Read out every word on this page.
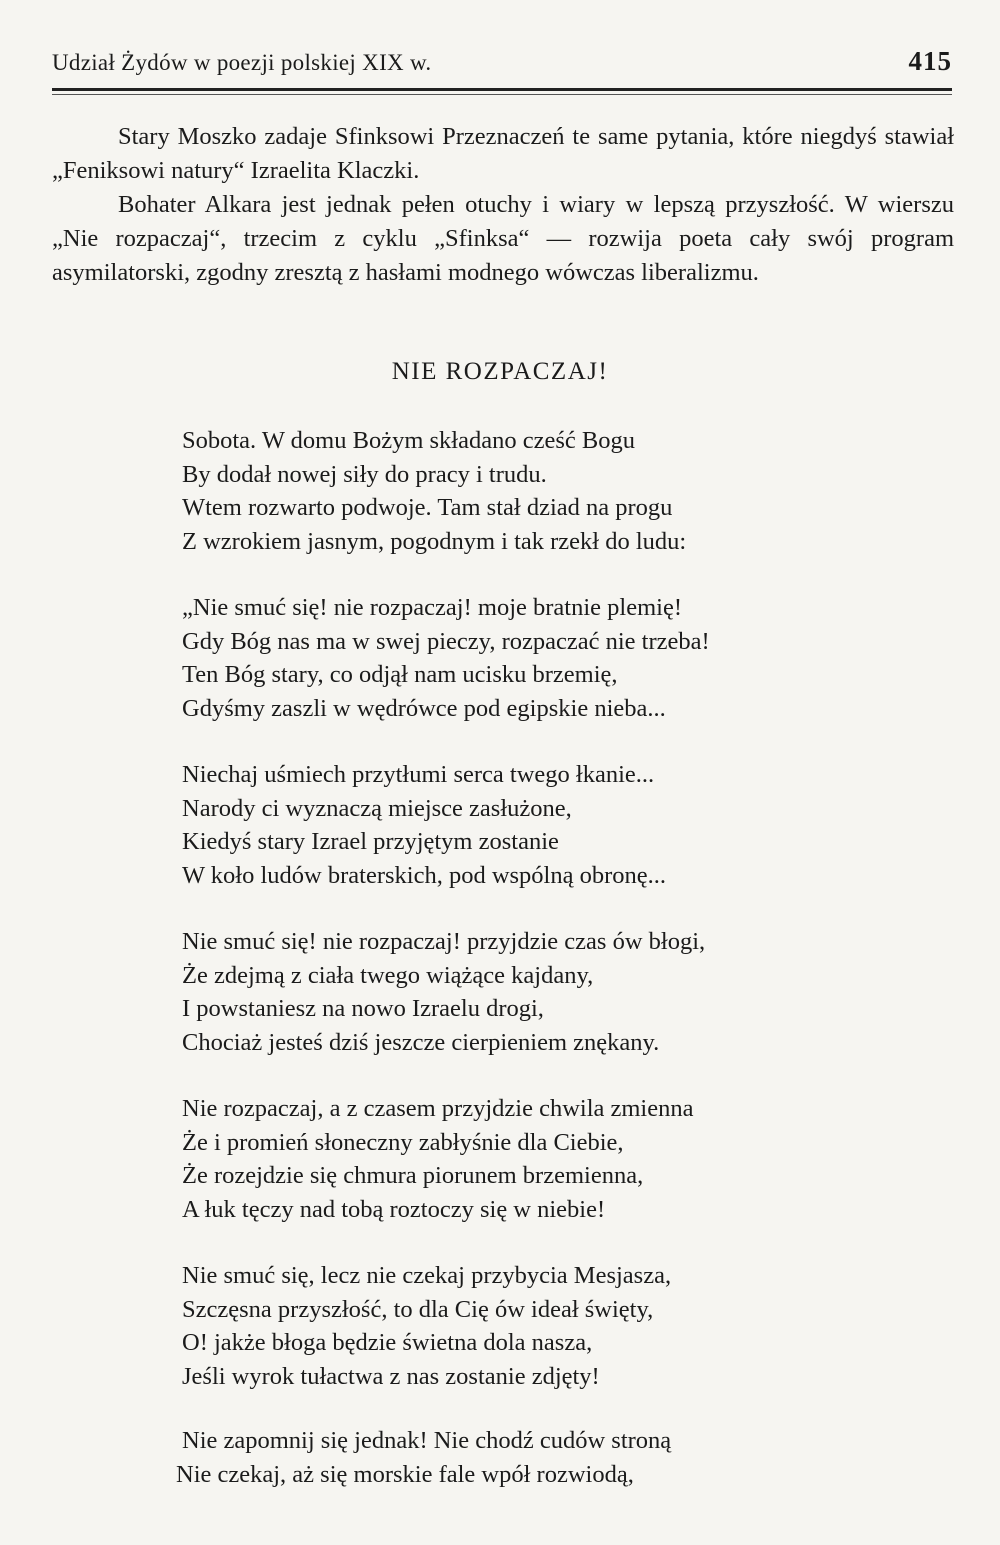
Udział Żydów w poezji polskiej XIX w.	415

Stary Moszko zadaje Sfinksowi Przeznaczeń te same pytania, które niegdyś stawiał „Feniksowi natury“ Izraelita Klaczki.

Bohater Alkara jest jednak pełen otuchy i wiary w lepszą przyszłość. W wierszu „Nie rozpaczaj“, trzecim z cyklu „Sfinksa“ — rozwija poeta cały swój program asymilatorski, zgodny zresztą z hasłami modnego wówczas liberalizmu.

NIE ROZPACZAJ!
Sobota. W domu Bożym składano cześć Bogu
By dodał nowej siły do pracy i trudu.
Wtem rozwarto podwoje. Tam stał dziad na progu
Z wzrokiem jasnym, pogodnym i tak rzekł do ludu:
„Nie smuć się! nie rozpaczaj! moje bratnie plemię!
Gdy Bóg nas ma w swej pieczy, rozpaczać nie trzeba!
Ten Bóg stary, co odjął nam ucisku brzemię,
Gdyśmy zaszli w wędrówce pod egipskie nieba...
Niechaj uśmiech przytłumi serca twego łkanie...
Narody ci wyznaczą miejsce zasłużone,
Kiedyś stary Izrael przyjętym zostanie
W koło ludów braterskich, pod wspólną obronę...
Nie smuć się! nie rozpaczaj! przyjdzie czas ów błogi,
Że zdejmą z ciała twego wiążące kajdany,
I powstaniesz na nowo Izraelu drogi,
Chociaż jesteś dziś jeszcze cierpieniem znękany.
Nie rozpaczaj, a z czasem przyjdzie chwila zmienna
Że i promień słoneczny zabłyśnie dla Ciebie,
Że rozejdzie się chmura piorunem brzemienna,
A łuk tęczy nad tobą roztoczy się w niebie!
Nie smuć się, lecz nie czekaj przybycia Mesjasza,
Szczęsna przyszłość, to dla Cię ów ideał święty,
O! jakże błoga będzie świetna dola nasza,
Jeśli wyrok tułactwa z nas zostanie zdjęty!
Nie zapomnij się jednak! Nie chodź cudów stroną
Nie czekaj, aż się morskie fale wpół rozwiodą,
